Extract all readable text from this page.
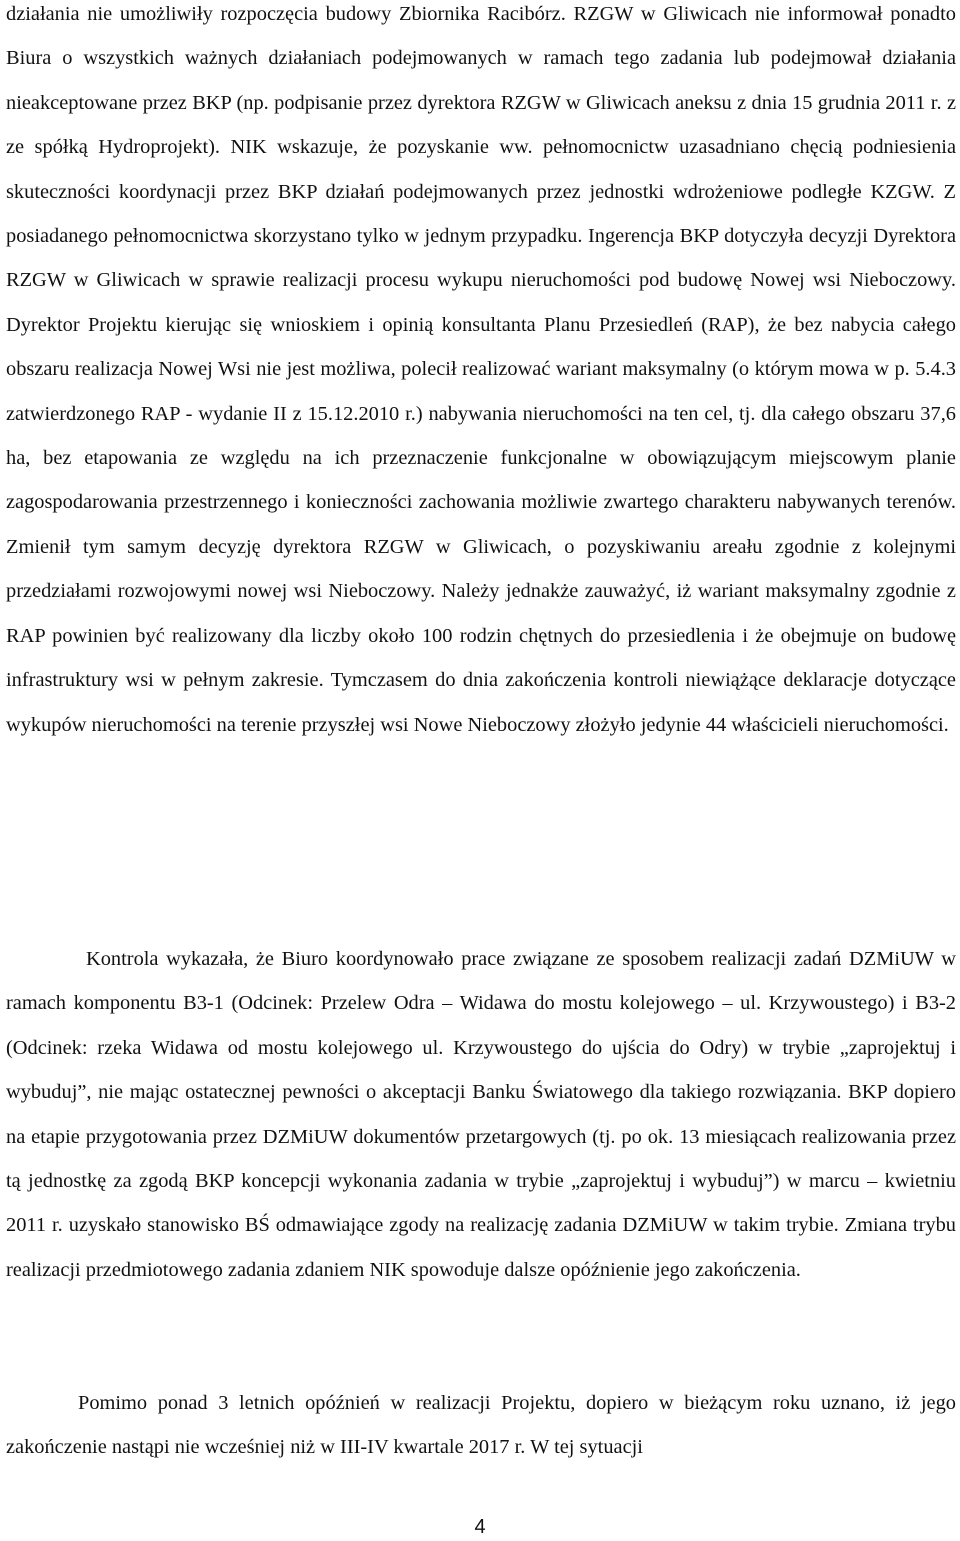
działania nie umożliwiły rozpoczęcia budowy Zbiornika Racibórz. RZGW w Gliwicach nie informował ponadto Biura o wszystkich ważnych działaniach podejmowanych w ramach tego zadania lub podejmował działania nieakceptowane przez BKP (np. podpisanie przez dyrektora RZGW w Gliwicach aneksu z dnia 15 grudnia 2011 r. z ze spółką Hydroprojekt). NIK wskazuje, że pozyskanie ww. pełnomocnictw uzasadniano chęcią podniesienia skuteczności koordynacji przez BKP działań podejmowanych przez jednostki wdrożeniowe podległe KZGW. Z posiadanego pełnomocnictwa skorzystano tylko w jednym przypadku. Ingerencja BKP dotyczyła decyzji Dyrektora RZGW w Gliwicach w sprawie realizacji procesu wykupu nieruchomości pod budowę Nowej wsi Nieboczowy. Dyrektor Projektu kierując się wnioskiem i opinią konsultanta Planu Przesiedleń (RAP), że bez nabycia całego obszaru realizacja Nowej Wsi nie jest możliwa, polecił realizować wariant maksymalny (o którym mowa w p. 5.4.3 zatwierdzonego RAP - wydanie II z 15.12.2010 r.) nabywania nieruchomości na ten cel, tj. dla całego obszaru 37,6 ha, bez etapowania ze względu na ich przeznaczenie funkcjonalne w obowiązującym miejscowym planie zagospodarowania przestrzennego i konieczności zachowania możliwie zwartego charakteru nabywanych terenów. Zmienił tym samym decyzję dyrektora RZGW w Gliwicach, o pozyskiwaniu areału zgodnie z kolejnymi przedziałami rozwojowymi nowej wsi Nieboczowy. Należy jednakże zauważyć, iż wariant maksymalny zgodnie z RAP powinien być realizowany dla liczby około 100 rodzin chętnych do przesiedlenia i że obejmuje on budowę infrastruktury wsi w pełnym zakresie. Tymczasem do dnia zakończenia kontroli niewiążące deklaracje dotyczące wykupów nieruchomości na terenie przyszłej wsi Nowe Nieboczowy złożyło jedynie 44 właścicieli nieruchomości.

Kontrola wykazała, że Biuro koordynowało prace związane ze sposobem realizacji zadań DZMiUW w ramach komponentu B3-1 (Odcinek: Przelew Odra – Widawa do mostu kolejowego – ul. Krzywoustego) i B3-2 (Odcinek: rzeka Widawa od mostu kolejowego ul. Krzywoustego do ujścia do Odry) w trybie „zaprojektuj i wybuduj”, nie mając ostatecznej pewności o akceptacji Banku Światowego dla takiego rozwiązania. BKP dopiero na etapie przygotowania przez DZMiUW dokumentów przetargowych (tj. po ok. 13 miesiącach realizowania przez tą jednostkę za zgodą BKP koncepcji wykonania zadania w trybie „zaprojektuj i wybuduj”) w marcu – kwietniu 2011 r. uzyskało stanowisko BŚ odmawiające zgody na realizację zadania DZMiUW w takim trybie. Zmiana trybu realizacji przedmiotowego zadania zdaniem NIK spowoduje dalsze opóźnienie jego zakończenia.

Pomimo ponad 3 letnich opóźnień w realizacji Projektu, dopiero w bieżącym roku uznano, iż jego zakończenie nastąpi nie wcześniej niż w III-IV kwartale 2017 r. W tej sytuacji

4
